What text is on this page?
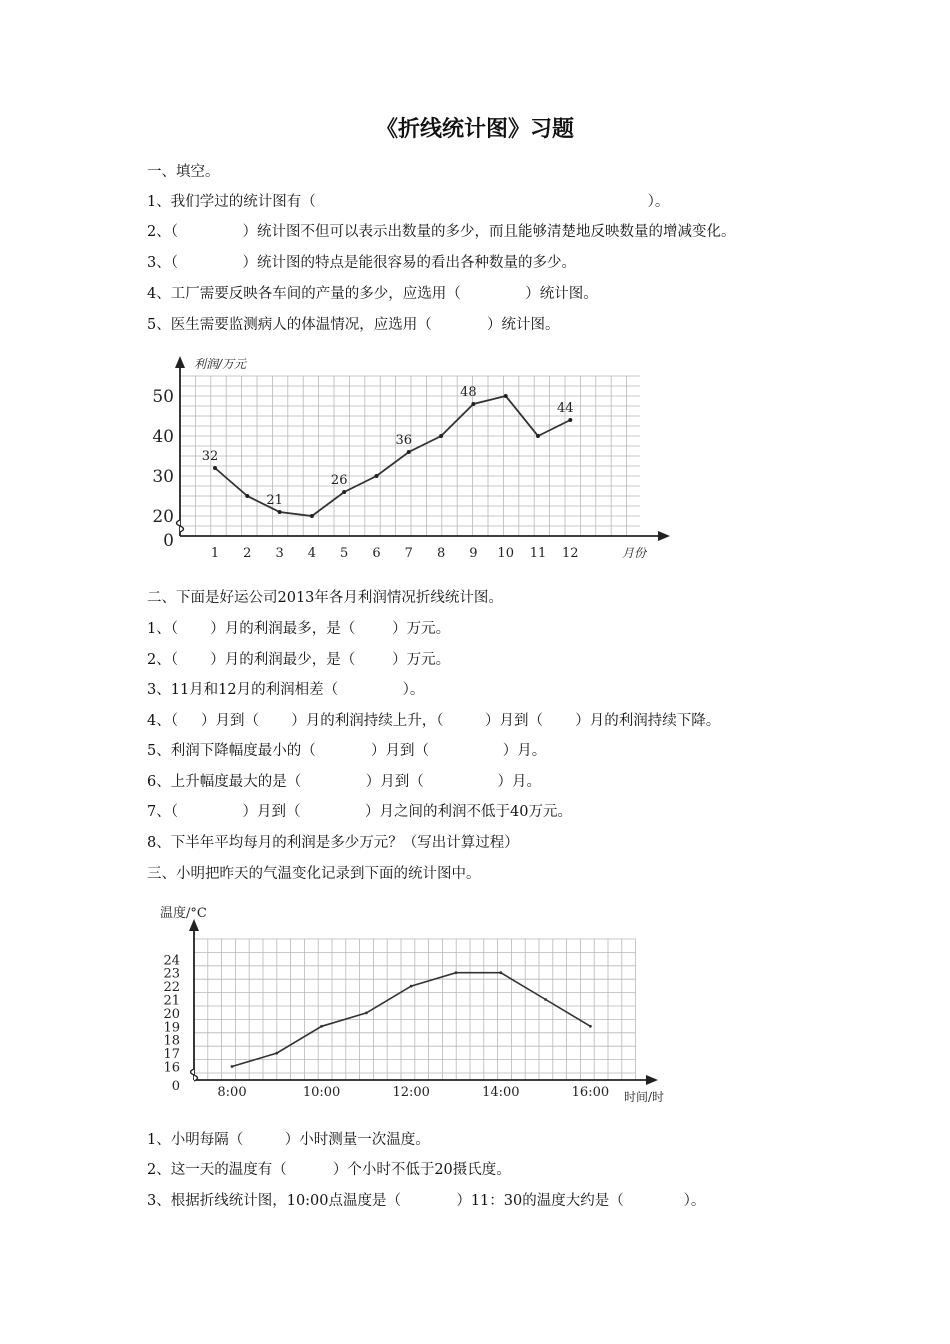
《折线统计图》习题

一、填空。

1、我们学过的统计图有（                                                                        ）。

2、（              ）统计图不但可以表示出数量的多少，而且能够清楚地反映数量的增减变化。

3、（              ）统计图的特点是能很容易的看出各种数量的多少。

4、工厂需要反映各车间的产量的多少，应选用（              ）统计图。

5、医生需要监测病人的体温情况，应选用（            ）统计图。

利润/万元
月份
0
20
30
40
50
1 2 3 4 5 6 7 8 9 10 11 12
32
21
26
36
48
44

二、下面是好运公司2013年各月利润情况折线统计图。

1、（       ）月的利润最多，是（        ）万元。

2、（       ）月的利润最少，是（        ）万元。

3、11月和12月的利润相差（              ）。

4、（     ）月到（       ）月的利润持续上升，（         ）月到（       ）月的利润持续下降。

5、利润下降幅度最小的（            ）月到（                ）月。

6、上升幅度最大的是（              ）月到（                ）月。

7、（              ）月到（              ）月之间的利润不低于40万元。

8、下半年平均每月的利润是多少万元？（写出计算过程）

三、小明把昨天的气温变化记录到下面的统计图中。

温度/°C
时间/时
0
16
17
18
19
20
21
22
23
24
8:00	10:00	12:00	14:00	16:00

1、小明每隔（         ）小时测量一次温度。

2、这一天的温度有（          ）个小时不低于20摄氏度。

3、根据折线统计图，10:00点温度是（            ）11：30的温度大约是（             ）。
